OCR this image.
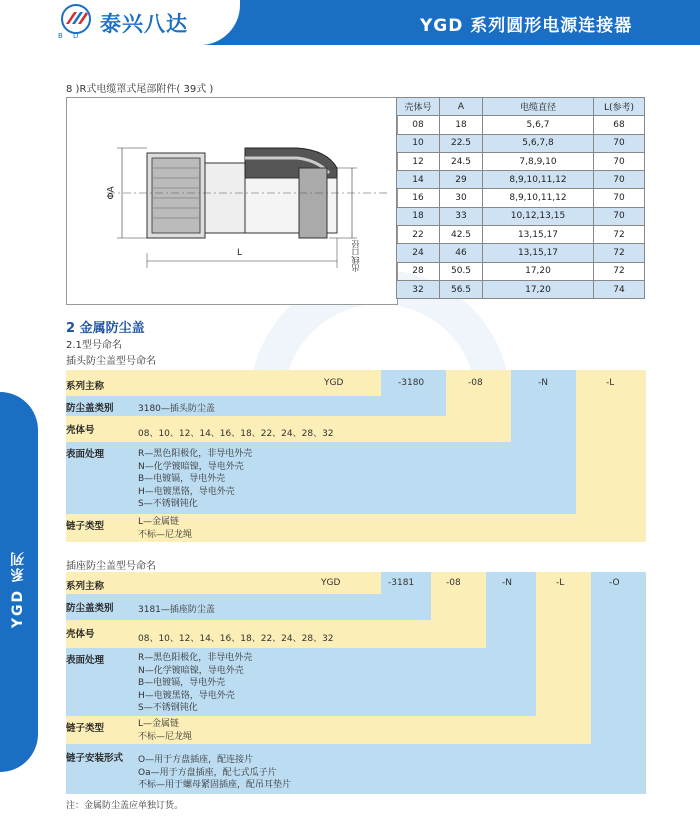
B D 泰兴八达	YGD 系列圆形电源连接器
YGD 系列
8 )R式电缆罩式尾部附件( 39式 )
ΦA
L	出线口径
壳体号	A	电缆直径	L(参考)
08	18	5,6,7	68
10	22.5	5,6,7,8	70
12	24.5	7,8,9,10	70
14	29	8,9,10,11,12	70
16	30	8,9,10,11,12	70
18	33	10,12,13,15	70
22	42.5	13,15,17	72
24	46	13,15,17	72
28	50.5	17,20	72
32	56.5	17,20	74
2 金属防尘盖
2.1型号命名
插头防尘盖型号命名
系列主称	YGD	-3180	-08	-N	-L
防尘盖类别	3180—插头防尘盖
壳体号	08、10、12、14、16、18、22、24、28、32
表面处理	R—黑色阳极化，非导电外壳
N—化学镀暗镍，导电外壳
B—电镀镉，导电外壳
H—电镀黑铬，导电外壳
S—不锈钢钝化
链子类型	L—金属链
不标—尼龙绳
插座防尘盖型号命名
系列主称	YGD	-3181	-08	-N	-L	-O
防尘盖类别	3181—插座防尘盖
壳体号	08、10、12、14、16、18、22、24、28、32
表面处理	R—黑色阳极化，非导电外壳
N—化学镀暗镍，导电外壳
B—电镀镉，导电外壳
H—电镀黑铬，导电外壳
S—不锈钢钝化
链子类型	L—金属链
不标—尼龙绳
链子安装形式 O—用于方盘插座，配连接片
Oa—用于方盘插座，配七式瓜子片
不标—用于螺母紧固插座，配吊耳垫片
注：金属防尘盖应单独订货。
